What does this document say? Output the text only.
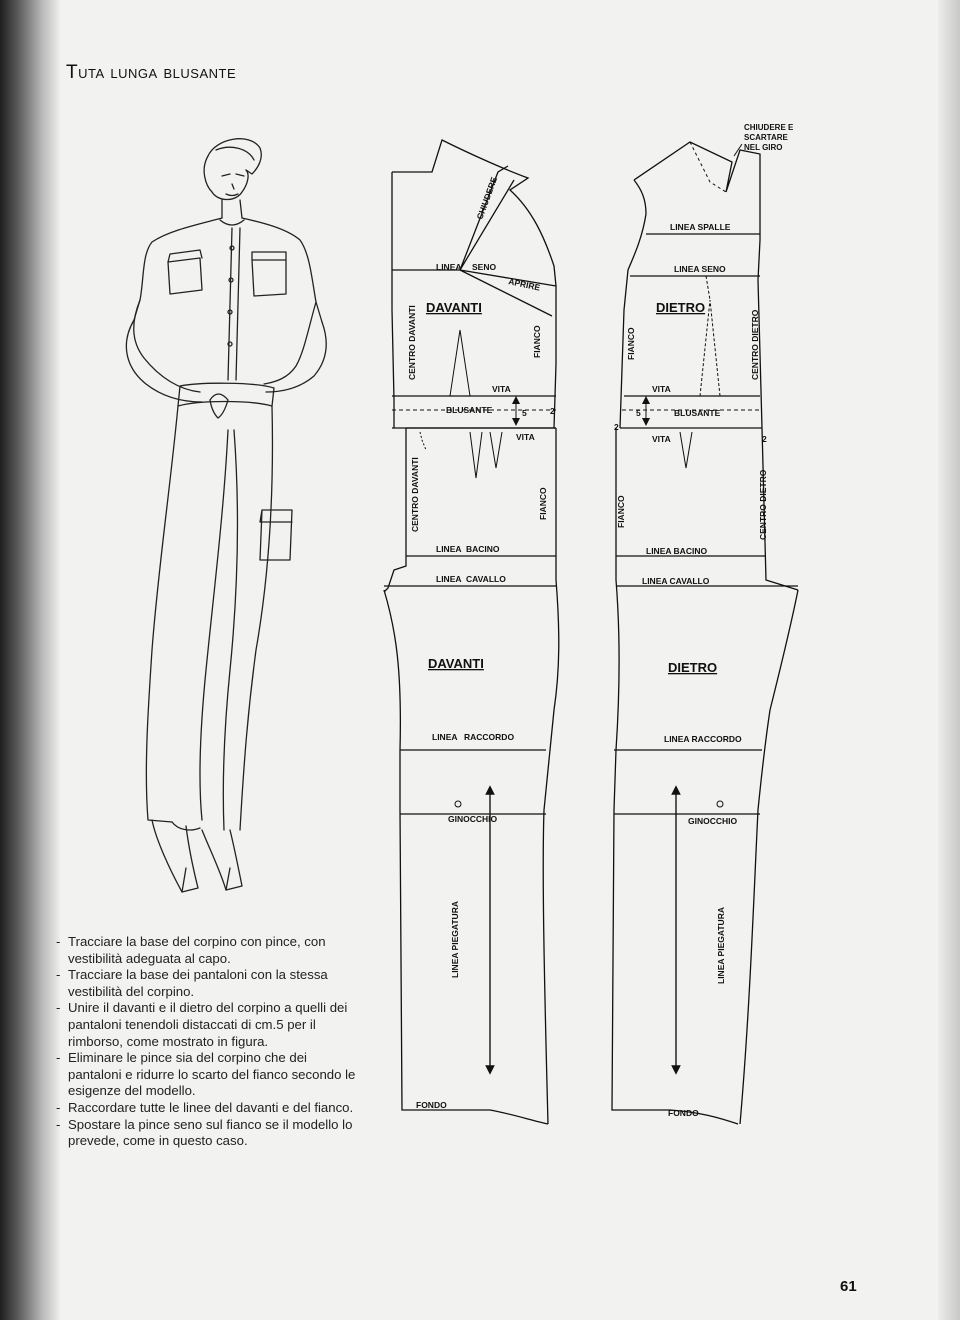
Tuta lunga blusante
- Tracciare la base del corpino con pince, con vestibilità adeguata al capo.
- Tracciare la base dei pantaloni con la stessa vestibilità del corpino.
- Unire il davanti e il dietro del corpino a quelli dei pantaloni tenendoli distaccati di cm.5 per il rimborso, come mostrato in figura.
- Eliminare le pince sia del corpino che dei pantaloni e ridurre lo scarto del fianco secondo le esigenze del modello.
- Raccordare tutte le linee del davanti e del fianco.
- Spostare la pince seno sul fianco se il modello lo prevede, come in questo caso.
CHIUDERE
APRIRE
LINEA SENO
DAVANTI
CENTRO DAVANTI	FIANCO
VITA
BLUSANTE	5	2
VITA
CENTRO DAVANTI	FIANCO
LINEA BACINO
LINEA CAVALLO
DAVANTI
LINEA RACCORDO
GINOCCHIO
LINEA PIEGATURA
FONDO
CHIUDERE E
SCARTARE
NEL GIRO
LINEA SPALLE
LINEA SENO
DIETRO
FIANCO	CENTRO DIETRO
VITA
BLUSANTE
5
2
VITA
FIANCO	CENTRO DIETRO
2
LINEA BACINO
LINEA CAVALLO
DIETRO
LINEA RACCORDO
GINOCCHIO
LINEA PIEGATURA
FONDO
61
